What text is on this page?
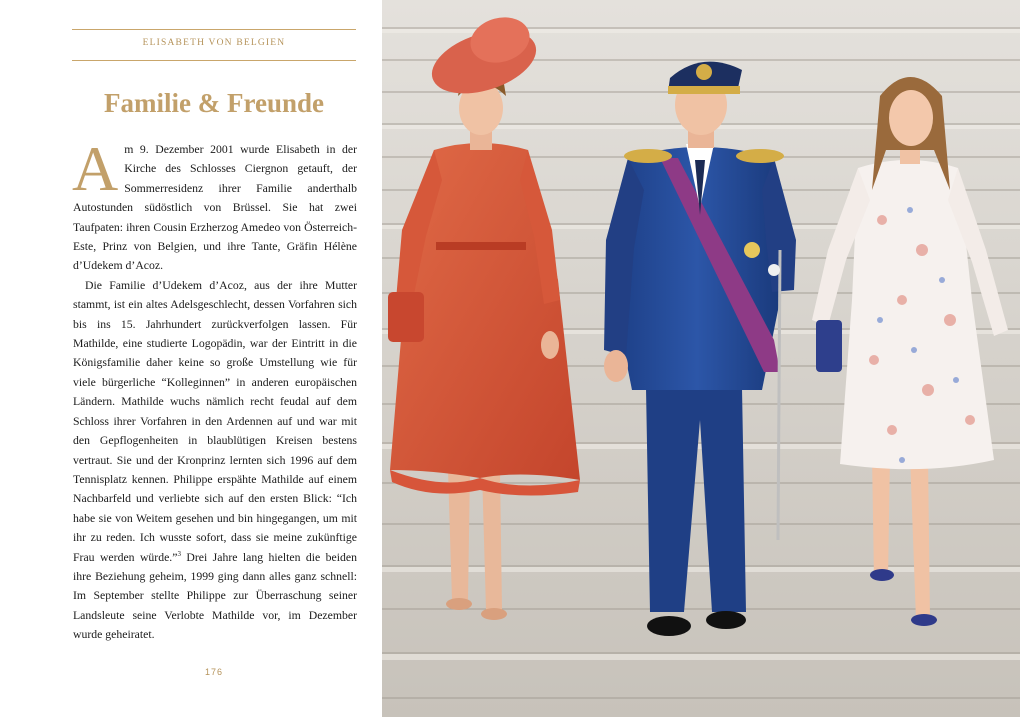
ELISABETH VON BELGIEN
Familie & Freunde

Am 9. Dezember 2001 wurde Elisabeth in der Kirche des Schlosses Ciergnon getauft, der Sommerresidenz ihrer Familie anderthalb Autostunden südöstlich von Brüssel. Sie hat zwei Taufpaten: ihren Cousin Erzherzog Amedeo von Österreich-Este, Prinz von Belgien, und ihre Tante, Gräfin Hélène d’Udekem d’Acoz.

Die Familie d’Udekem d’Acoz, aus der ihre Mutter stammt, ist ein altes Adelsgeschlecht, dessen Vorfahren sich bis ins 15. Jahrhundert zurückverfolgen lassen. Für Mathilde, eine studierte Logopädin, war der Eintritt in die Königsfamilie daher keine so große Umstellung wie für viele bürgerliche “Kolleginnen” in anderen europäischen Ländern. Mathilde wuchs nämlich recht feudal auf dem Schloss ihrer Vorfahren in den Ardennen auf und war mit den Gepflogenheiten in blaublütigen Kreisen bestens vertraut. Sie und der Kronprinz lernten sich 1996 auf dem Tennisplatz kennen. Philippe erspähte Mathilde auf einem Nachbarfeld und verliebte sich auf den ersten Blick: “Ich habe sie von Weitem gesehen und bin hingegangen, um mit ihr zu reden. Ich wusste sofort, dass sie meine zukünftige Frau werden würde.”$^3$ Drei Jahre lang hielten die beiden ihre Beziehung geheim, 1999 ging dann alles ganz schnell: Im September stellte Philippe zur Überraschung seiner Landsleute seine Verlobte Mathilde vor, im Dezember wurde geheiratet.

176
